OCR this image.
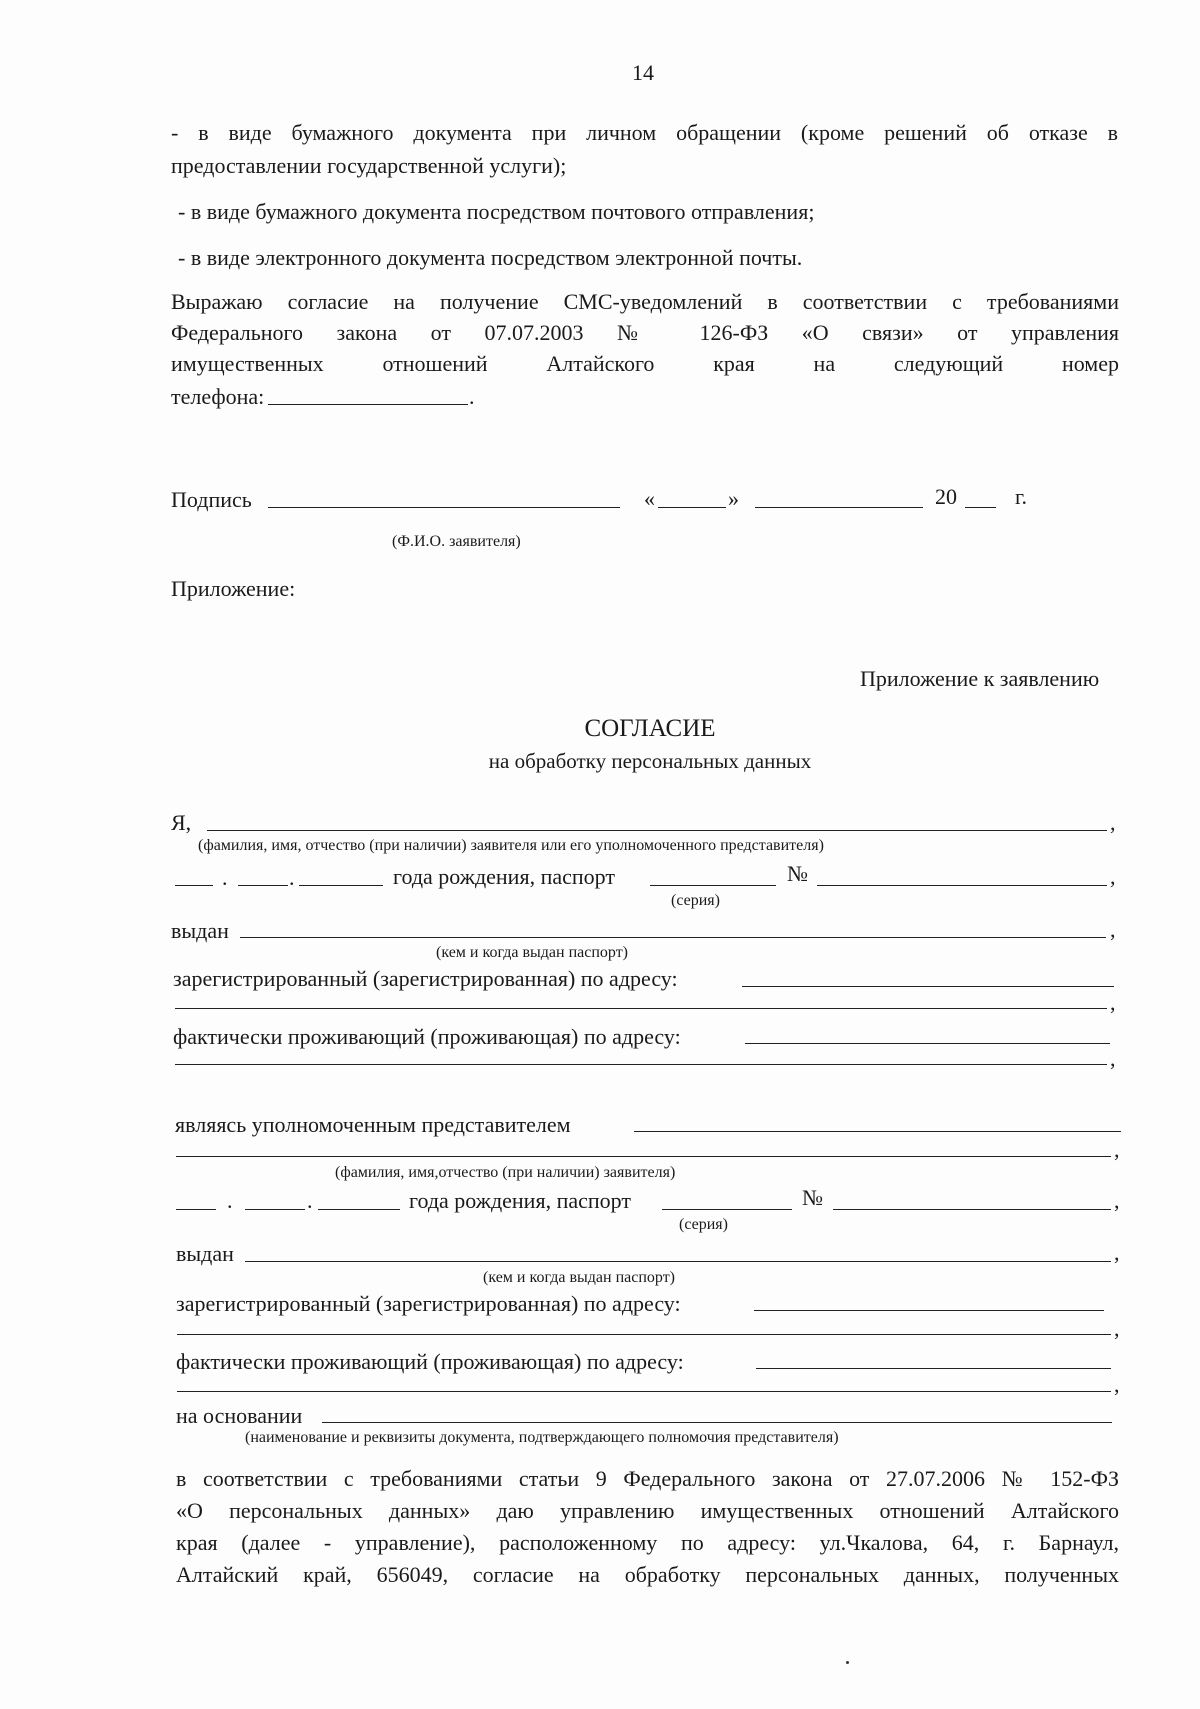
14
- в виде бумажного документа при личном обращении (кроме решений об отказе в
предоставлении государственной услуги);
- в виде бумажного документа посредством почтового отправления;
- в виде электронного документа посредством электронной почты.
Выражаю согласие на получение СМС-уведомлений в соответствии с требованиями
Федерального закона от 07.07.2003 № 126-ФЗ «О связи» от управления
имущественных отношений Алтайского края на следующий номер
телефона:	.
Подпись	«	»	20	г.
(Ф.И.О. заявителя)
Приложение:
Приложение к заявлению
СОГЛАСИЕ
на обработку персональных данных
Я,	,
(фамилия, имя, отчество (при наличии) заявителя или его уполномоченного представителя)
.	.	года рождения, паспорт	№	,
(серия)
выдан	,
(кем и когда выдан паспорт)
зарегистрированный (зарегистрированная) по адресу:
,
фактически проживающий (проживающая) по адресу:
,
являясь уполномоченным представителем
,
(фамилия, имя,отчество (при наличии) заявителя)
.	.	года рождения, паспорт	№	,
(серия)
выдан	,
(кем и когда выдан паспорт)
зарегистрированный (зарегистрированная) по адресу:
,
фактически проживающий (проживающая) по адресу:
,
на основании
(наименование и реквизиты документа, подтверждающего полномочия представителя)
в соответствии с требованиями статьи 9 Федерального закона от 27.07.2006 № 152-ФЗ
«О персональных данных» даю управлению имущественных отношений Алтайского
края (далее - управление), расположенному по адресу: ул.Чкалова, 64, г. Барнаул,
Алтайский край, 656049, согласие на обработку персональных данных, полученных
